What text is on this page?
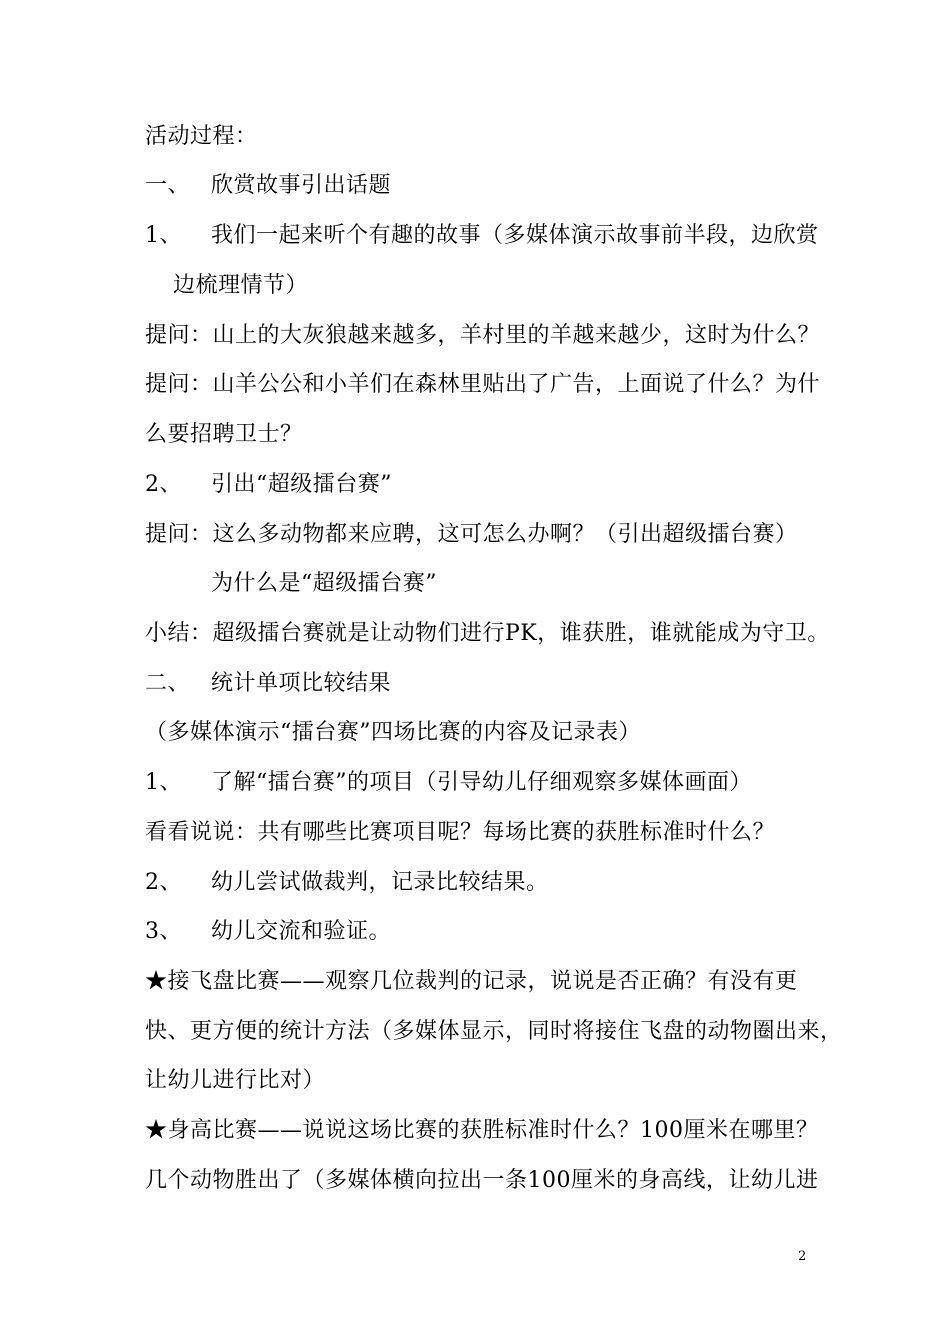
活动过程：
一、 欣赏故事引出话题
1、 我们一起来听个有趣的故事（多媒体演示故事前半段，边欣赏
边梳理情节）
提问：山上的大灰狼越来越多，羊村里的羊越来越少，这时为什么？
提问：山羊公公和小羊们在森林里贴出了广告，上面说了什么？为什
么要招聘卫士？
2、 引出“超级擂台赛”
提问：这么多动物都来应聘，这可怎么办啊？（引出超级擂台赛）
为什么是“超级擂台赛”
小结：超级擂台赛就是让动物们进行PK，谁获胜，谁就能成为守卫。
二、 统计单项比较结果
（多媒体演示“擂台赛”四场比赛的内容及记录表）
1、 了解“擂台赛”的项目（引导幼儿仔细观察多媒体画面）
看看说说：共有哪些比赛项目呢？每场比赛的获胜标准时什么？
2、 幼儿尝试做裁判，记录比较结果。
3、 幼儿交流和验证。
★接飞盘比赛——观察几位裁判的记录，说说是否正确？有没有更
快、更方便的统计方法（多媒体显示，同时将接住飞盘的动物圈出来，
让幼儿进行比对）
★身高比赛——说说这场比赛的获胜标准时什么？100厘米在哪里？
几个动物胜出了（多媒体横向拉出一条100厘米的身高线，让幼儿进
2
